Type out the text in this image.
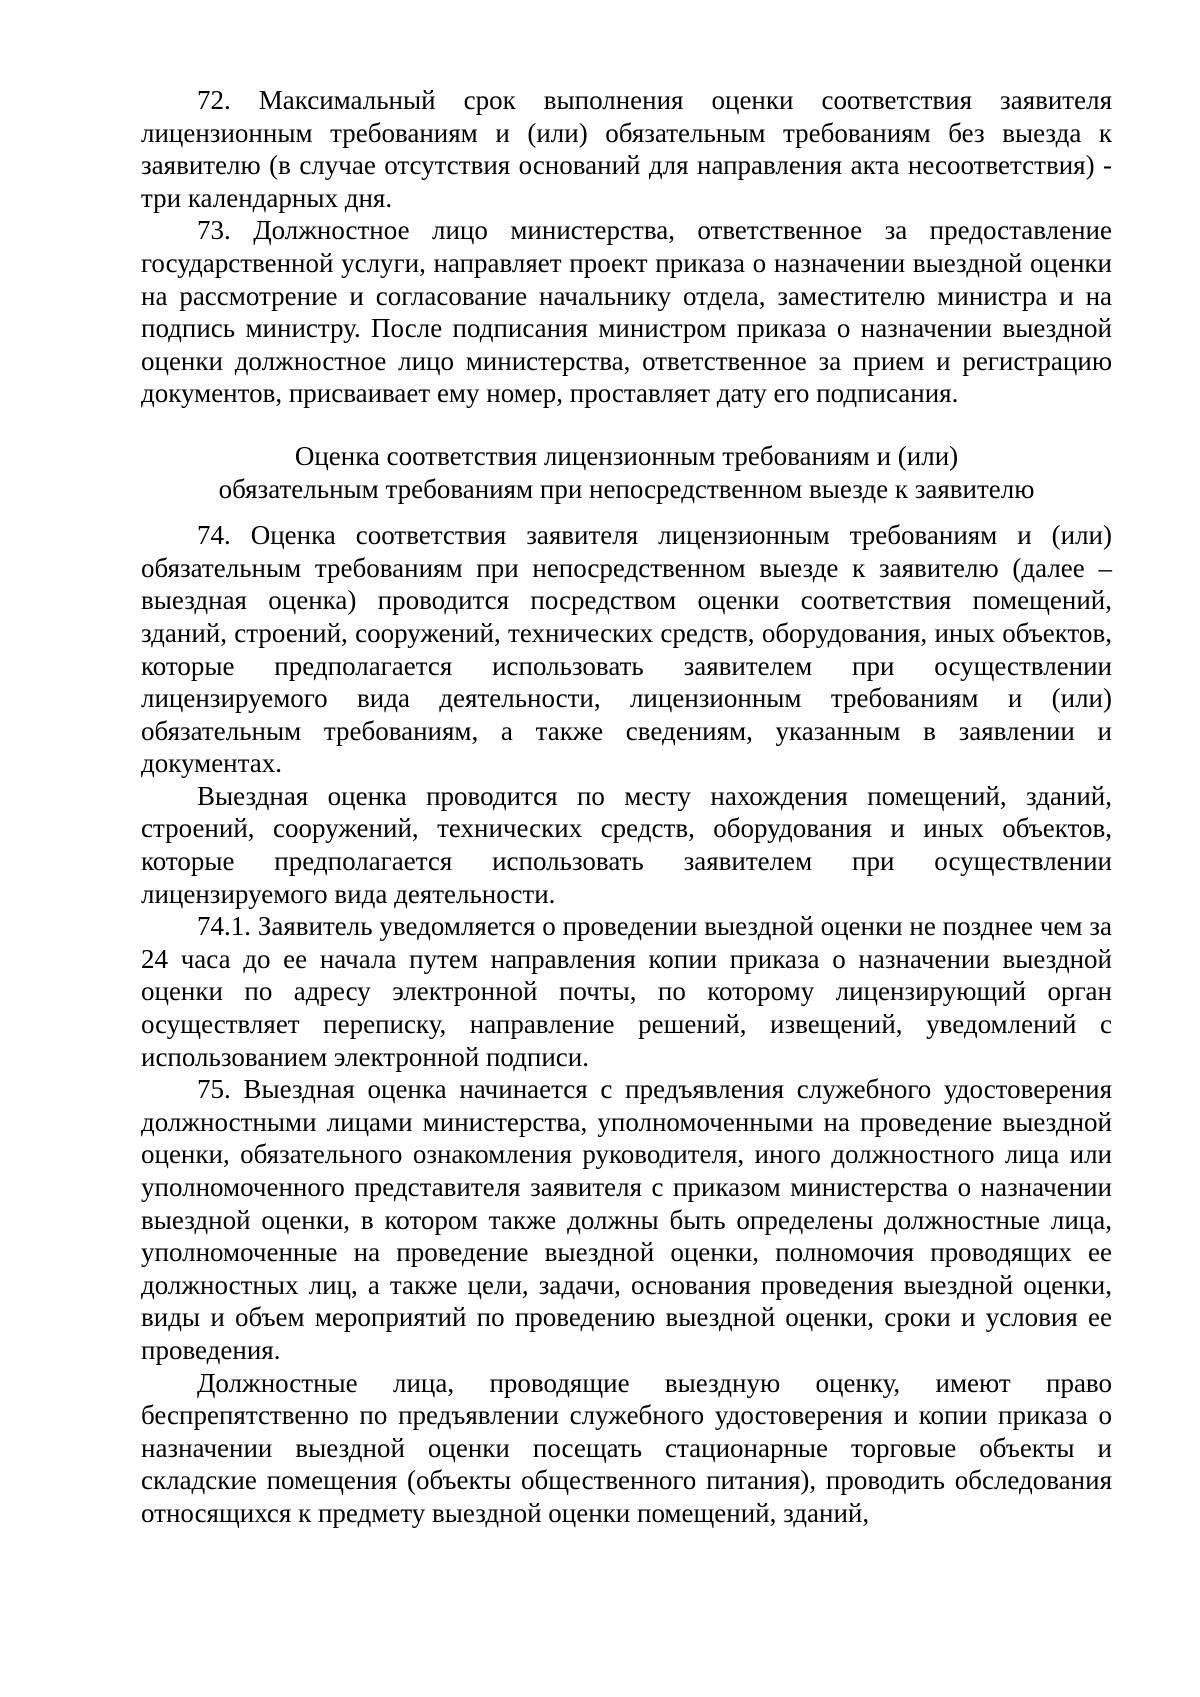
72. Максимальный срок выполнения оценки соответствия заявителя лицензионным требованиям и (или) обязательным требованиям без выезда к заявителю (в случае отсутствия оснований для направления акта несоответствия) - три календарных дня.

73. Должностное лицо министерства, ответственное за предоставление государственной услуги, направляет проект приказа о назначении выездной оценки на рассмотрение и согласование начальнику отдела, заместителю министра и на подпись министру. После подписания министром приказа о назначении выездной оценки должностное лицо министерства, ответственное за прием и регистрацию документов, присваивает ему номер, проставляет дату его подписания.

Оценка соответствия лицензионным требованиям и (или)
обязательным требованиям при непосредственном выезде к заявителю

74. Оценка соответствия заявителя лицензионным требованиям и (или) обязательным требованиям при непосредственном выезде к заявителю (далее – выездная оценка) проводится посредством оценки соответствия помещений, зданий, строений, сооружений, технических средств, оборудования, иных объектов, которые предполагается использовать заявителем при осуществлении лицензируемого вида деятельности, лицензионным требованиям и (или) обязательным требованиям, а также сведениям, указанным в заявлении и документах.

Выездная оценка проводится по месту нахождения помещений, зданий, строений, сооружений, технических средств, оборудования и иных объектов, которые предполагается использовать заявителем при осуществлении лицензируемого вида деятельности.

74.1. Заявитель уведомляется о проведении выездной оценки не позднее чем за 24 часа до ее начала путем направления копии приказа о назначении выездной оценки по адресу электронной почты, по которому лицензирующий орган осуществляет переписку, направление решений, извещений, уведомлений с использованием электронной подписи.

75. Выездная оценка начинается с предъявления служебного удостоверения должностными лицами министерства, уполномоченными на проведение выездной оценки, обязательного ознакомления руководителя, иного должностного лица или уполномоченного представителя заявителя с приказом министерства о назначении выездной оценки, в котором также должны быть определены должностные лица, уполномоченные на проведение выездной оценки, полномочия проводящих ее должностных лиц, а также цели, задачи, основания проведения выездной оценки, виды и объем мероприятий по проведению выездной оценки, сроки и условия ее проведения.

Должностные лица, проводящие выездную оценку, имеют право беспрепятственно по предъявлении служебного удостоверения и копии приказа о назначении выездной оценки посещать стационарные торговые объекты и складские помещения (объекты общественного питания), проводить обследования относящихся к предмету выездной оценки помещений, зданий,
